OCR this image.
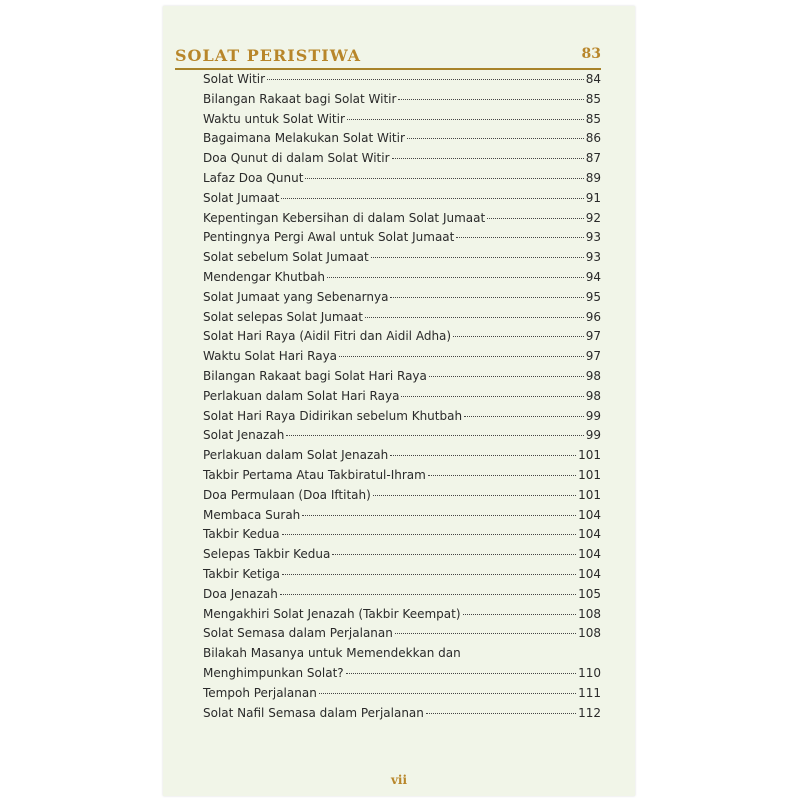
SOLAT PERISTIWA	83
Solat Witir	84
Bilangan Rakaat bagi Solat Witir	85
Waktu untuk Solat Witir	85
Bagaimana Melakukan Solat Witir	86
Doa Qunut di dalam Solat Witir	87
Lafaz Doa Qunut	89
Solat Jumaat	91
Kepentingan Kebersihan di dalam Solat Jumaat	92
Pentingnya Pergi Awal untuk Solat Jumaat	93
Solat sebelum Solat Jumaat	93
Mendengar Khutbah	94
Solat Jumaat yang Sebenarnya	95
Solat selepas Solat Jumaat	96
Solat Hari Raya (Aidil Fitri dan Aidil Adha)	97
Waktu Solat Hari Raya	97
Bilangan Rakaat bagi Solat Hari Raya	98
Perlakuan dalam Solat Hari Raya	98
Solat Hari Raya Didirikan sebelum Khutbah	99
Solat Jenazah	99
Perlakuan dalam Solat Jenazah	101
Takbir Pertama Atau Takbiratul-Ihram	101
Doa Permulaan (Doa Iftitah)	101
Membaca Surah	104
Takbir Kedua	104
Selepas Takbir Kedua	104
Takbir Ketiga	104
Doa Jenazah	105
Mengakhiri Solat Jenazah (Takbir Keempat)	108
Solat Semasa dalam Perjalanan	108
Bilakah Masanya untuk Memendekkan dan
Menghimpunkan Solat?	110
Tempoh Perjalanan	111
Solat Nafil Semasa dalam Perjalanan	112
vii
